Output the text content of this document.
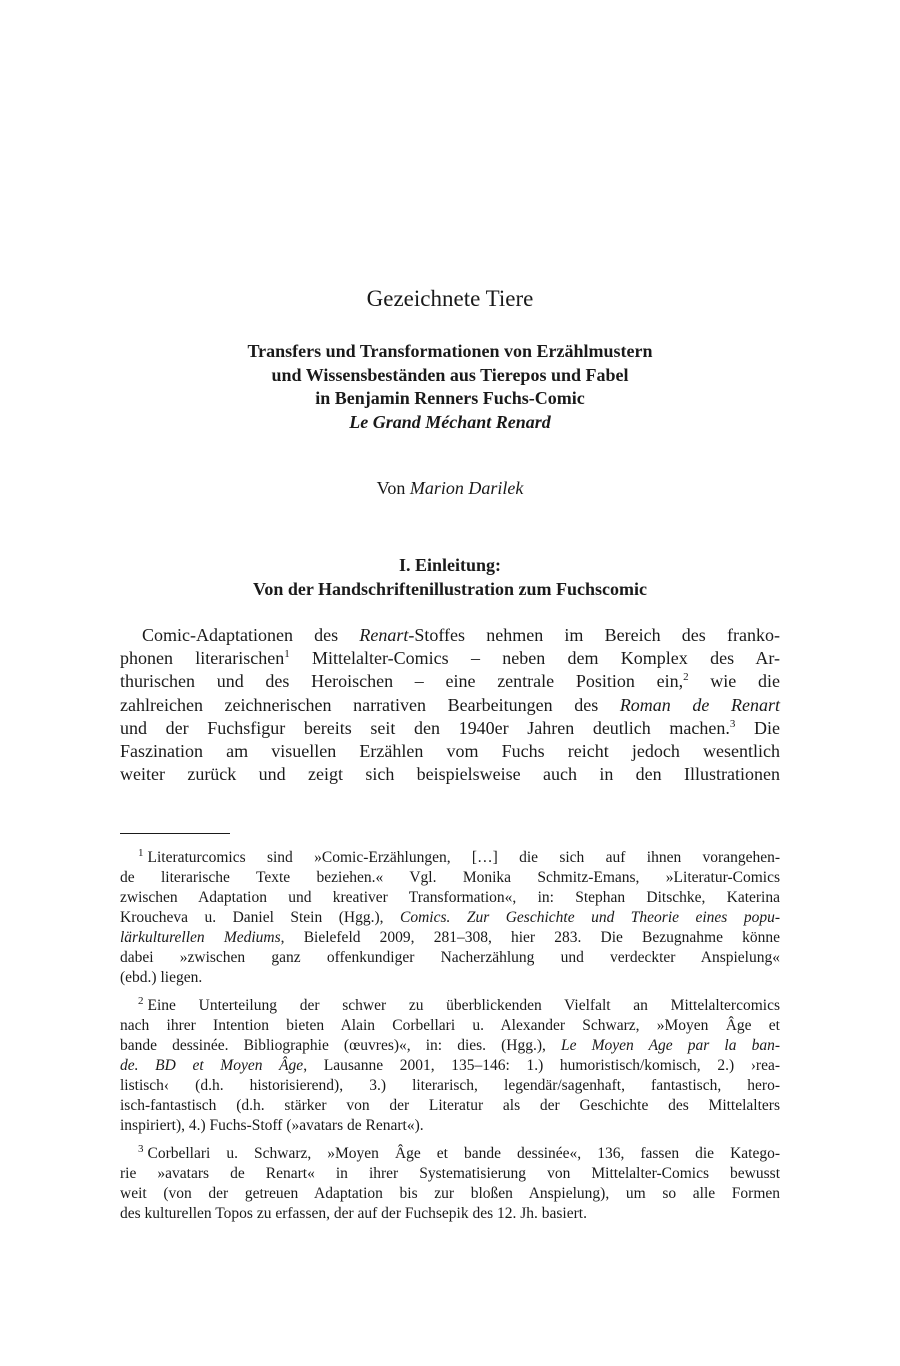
Gezeichnete Tiere
Transfers und Transformationen von Erzählmustern
und Wissensbeständen aus Tierepos und Fabel
in Benjamin Renners Fuchs-Comic
Le Grand Méchant Renard
Von Marion Darilek
I. Einleitung:
Von der Handschriftenillustration zum Fuchscomic
Comic-Adaptationen des Renart-Stoffes nehmen im Bereich des franko-
phonen literarischen$^1$ Mittelalter-Comics – neben dem Komplex des Ar-
thurischen und des Heroischen – eine zentrale Position ein,$^2$ wie die
zahlreichen zeichnerischen narrativen Bearbeitungen des Roman de Renart
und der Fuchsfigur bereits seit den 1940er Jahren deutlich machen.$^3$ Die
Faszination am visuellen Erzählen vom Fuchs reicht jedoch wesentlich
weiter zurück und zeigt sich beispielsweise auch in den Illustrationen
$^1$ Literaturcomics sind »Comic-Erzählungen, […] die sich auf ihnen vorangehen-
de literarische Texte beziehen.« Vgl. Monika Schmitz-Emans, »Literatur-Comics
zwischen Adaptation und kreativer Transformation«, in: Stephan Ditschke, Katerina
Kroucheva u. Daniel Stein (Hgg.), Comics. Zur Geschichte und Theorie eines popu-
lärkulturellen Mediums, Bielefeld 2009, 281–308, hier 283. Die Bezugnahme könne
dabei »zwischen ganz offenkundiger Nacherzählung und verdeckter Anspielung«
(ebd.) liegen.
$^2$ Eine Unterteilung der schwer zu überblickenden Vielfalt an Mittelaltercomics
nach ihrer Intention bieten Alain Corbellari u. Alexander Schwarz, »Moyen Âge et
bande dessinée. Bibliographie (œuvres)«, in: dies. (Hgg.), Le Moyen Age par la ban-
de. BD et Moyen Âge, Lausanne 2001, 135–146: 1.) humoristisch/komisch, 2.) ›rea-
listisch‹ (d.h. historisierend), 3.) literarisch, legendär/sagenhaft, fantastisch, hero-
isch-fantastisch (d.h. stärker von der Literatur als der Geschichte des Mittelalters
inspiriert), 4.) Fuchs-Stoff (»avatars de Renart«).
$^3$ Corbellari u. Schwarz, »Moyen Âge et bande dessinée«, 136, fassen die Katego-
rie »avatars de Renart« in ihrer Systematisierung von Mittelalter-Comics bewusst
weit (von der getreuen Adaptation bis zur bloßen Anspielung), um so alle Formen
des kulturellen Topos zu erfassen, der auf der Fuchsepik des 12. Jh. basiert.
